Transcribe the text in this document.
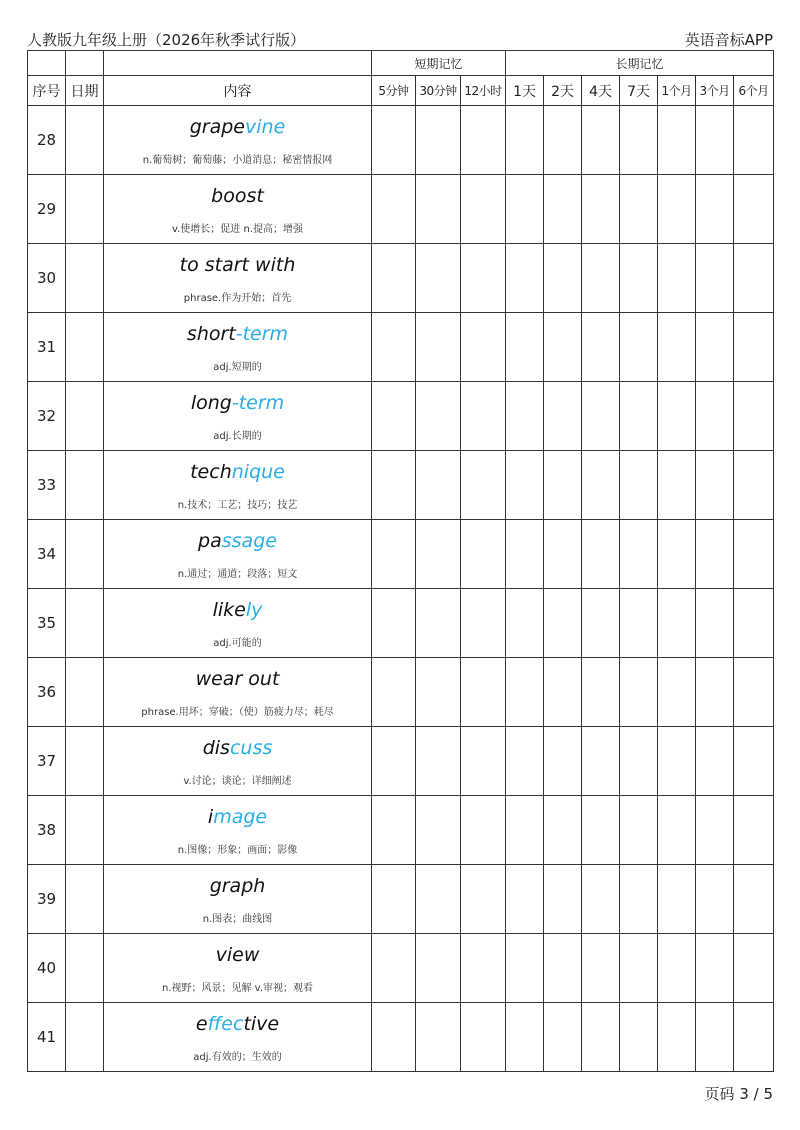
人教版九年级上册（2026年秋季试行版）	英语音标APP
			短期记忆			长期记忆						
序号	日期	内容	5分钟	30分钟	12小时	1天	2天	4天	7天	1个月	3个月	6个月
28		grapevine
n.葡萄树；葡萄藤；小道消息；秘密情报网										

29		boost
v.使增长；促进 n.提高；增强										

30		to start with
phrase.作为开始；首先										

31		short-term
adj.短期的										

32		long-term
adj.长期的										

33		technique
n.技术；工艺；技巧；技艺										

34		passage
n.通过；通道；段落；短文										

35		likely
adj.可能的										

36		wear out
phrase.用坏；穿破；（使）筋疲力尽；耗尽										

37		discuss
v.讨论；谈论；详细阐述										

38		image
n.图像；形象；画面；影像										

39		graph
n.图表；曲线图										

40		view
n.视野；风景；见解 v.审视；观看										

41		effective
adj.有效的；生效的										

页码 3 / 5
